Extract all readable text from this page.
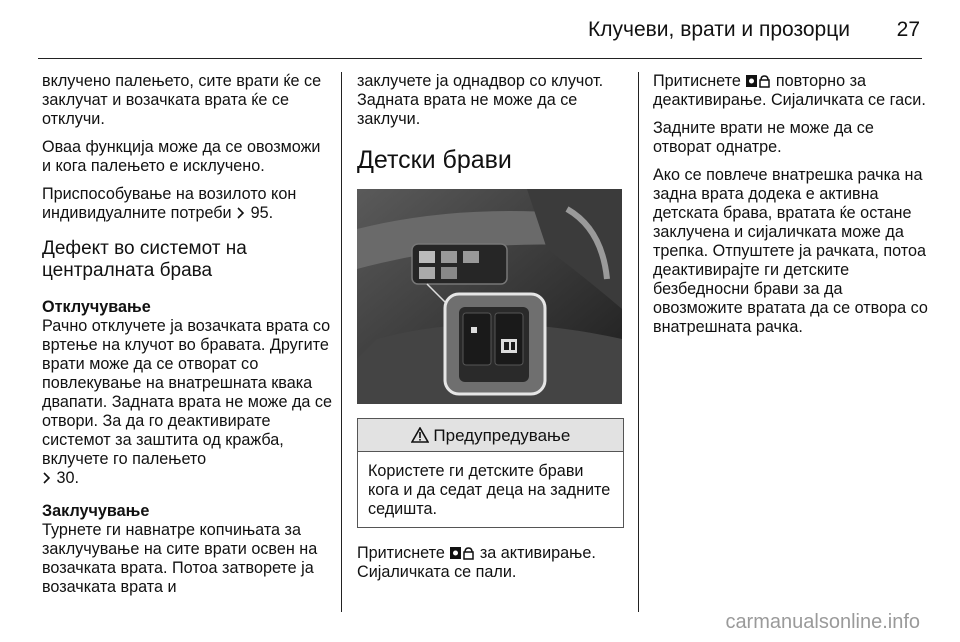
Клучеви, врати и прозорци 27

вклучено палењето, сите врати ќе се заклучат и возачката врата ќе се отклучи.

Оваа функција може да се овозможи и кога палењето е исклучено.

Приспособување на возилото кон индивидуалните потреби 95.

Дефект во системот на централната брава
Отклучување

Рачно отклучете ја возачката врата со вртење на клучот во бравата. Другите врати може да се отворат со повлекување на внатрешната квака двапати. Задната врата не може да се отвори. За да го деактивирате системот за заштита од кражба, вклучете го палењето
30.

Заклучување

Турнете ги навнатре копчињата за заклучување на сите врати освен на возачката врата. Потоа затворете ја возачката врата и

заклучете ја однадвор со клучот. Задната врата не може да се заклучи.

Детски брави
Предупредување
Користете ги детските брави кога и да седат деца на задните седишта.

Притиснете за активирање. Сијаличката се пали.

Притиснете повторно за деактивирање. Сијаличката се гаси.

Задните врати не може да се отворат однатре.

Ако се повлече внатрешка рачка на задна врата додека е активна детската брава, вратата ќе остане заклучена и сијаличката може да трепка. Отпуштете ја рачката, потоа деактивирајте ги детските безбедносни брави за да овозможите вратата да се отвора со внатрешната рачка.

carmanualsonline.info
